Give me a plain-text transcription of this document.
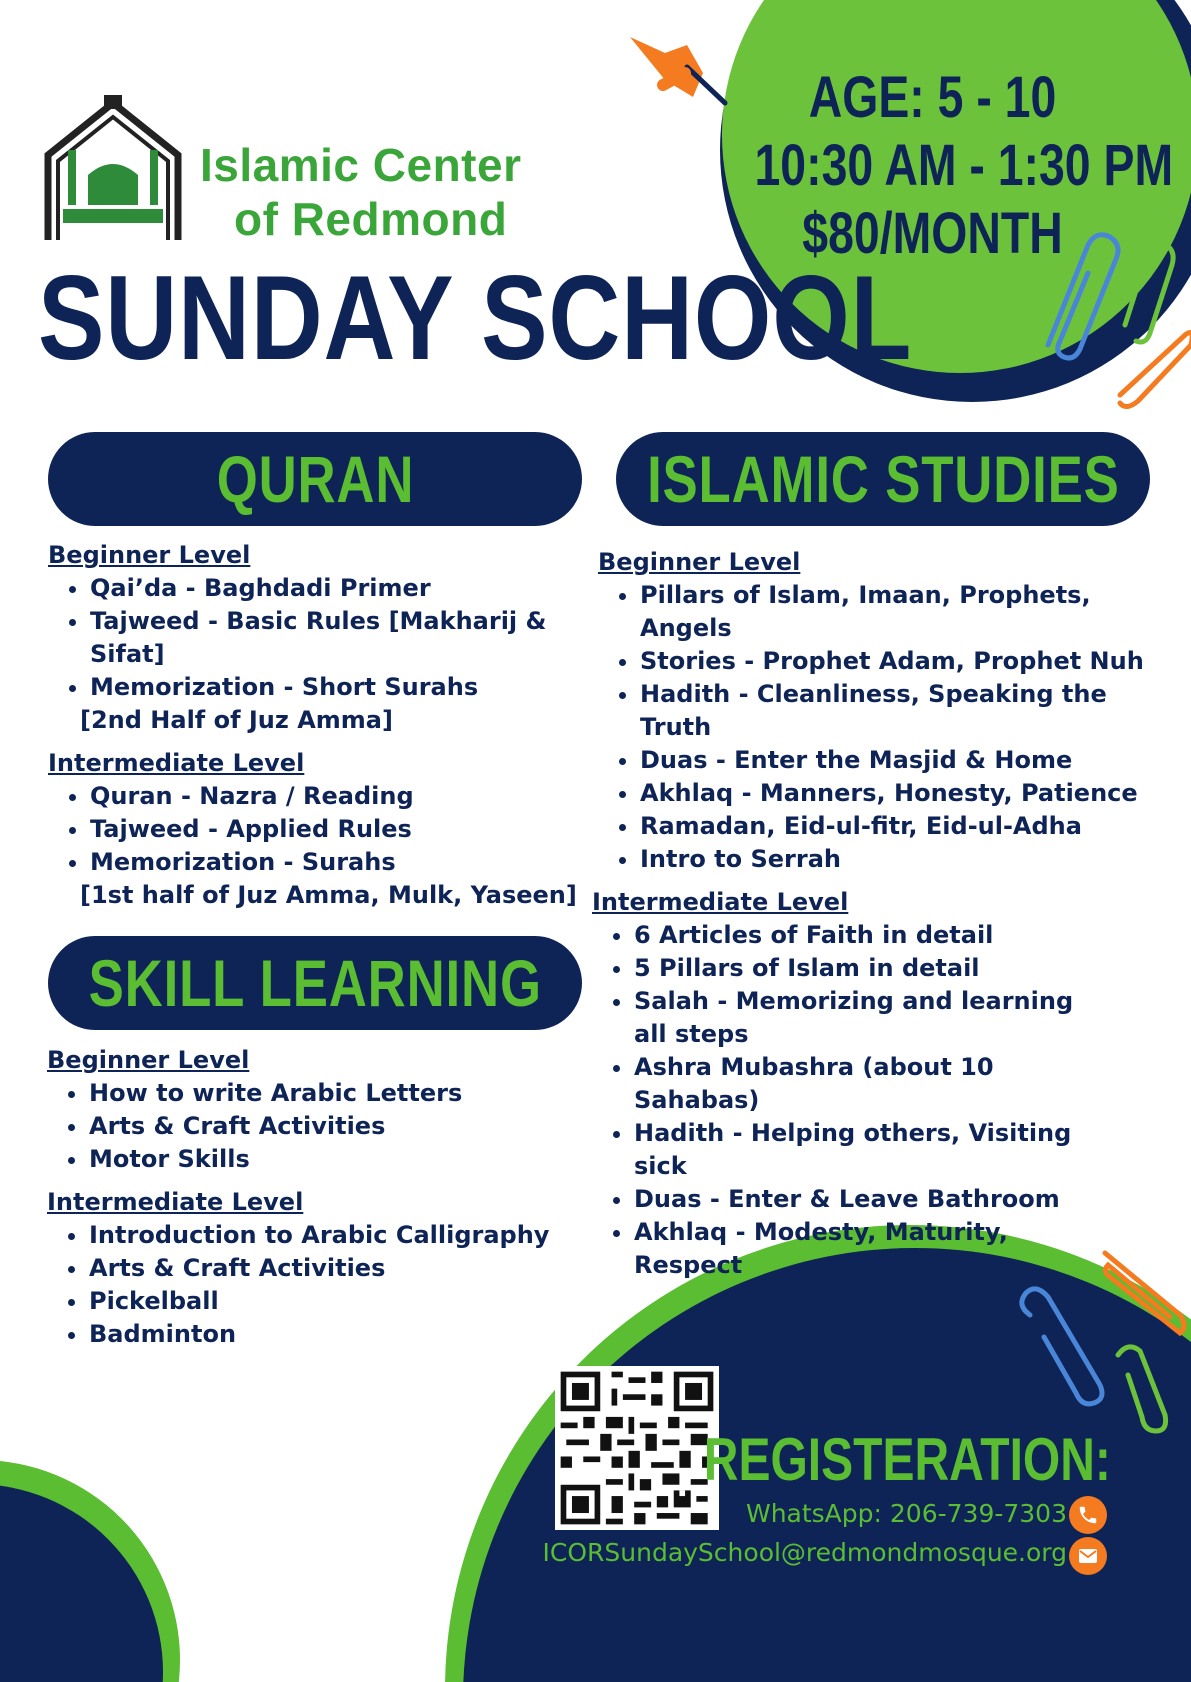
Islamic Center
of Redmond
SUNDAY SCHOOL
AGE: 5 - 10
10:30 AM - 1:30 PM
$80/MONTH
QURAN	ISLAMIC STUDIES
SKILL LEARNING

Beginner Level

• Qai’da - Baghdadi Primer
• Tajweed - Basic Rules [Makharij & Sifat]
• Memorization - Short Surahs
[2nd Half of Juz Amma]

Intermediate Level

• Quran - Nazra / Reading
• Tajweed - Applied Rules
• Memorization - Surahs
[1st half of Juz Amma, Mulk, Yaseen]

Beginner Level

• Pillars of Islam, Imaan, Prophets, Angels
• Stories - Prophet Adam, Prophet Nuh
• Hadith - Cleanliness, Speaking the Truth
• Duas - Enter the Masjid & Home
• Akhlaq - Manners, Honesty, Patience
• Ramadan, Eid-ul-fitr, Eid-ul-Adha
• Intro to Serrah

Intermediate Level

• 6 Articles of Faith in detail
• 5 Pillars of Islam in detail
• Salah - Memorizing and learning all steps
• Ashra Mubashra (about 10 Sahabas)
• Hadith - Helping others, Visiting sick
• Duas - Enter & Leave Bathroom
• Akhlaq - Modesty, Maturity, Respect

Beginner Level

• How to write Arabic Letters
• Arts & Craft Activities
• Motor Skills

Intermediate Level

• Introduction to Arabic Calligraphy
• Arts & Craft Activities
• Pickelball
• Badminton
REGISTERATION:
WhatsApp: 206-739-7303
ICORSundaySchool@redmondmosque.org
